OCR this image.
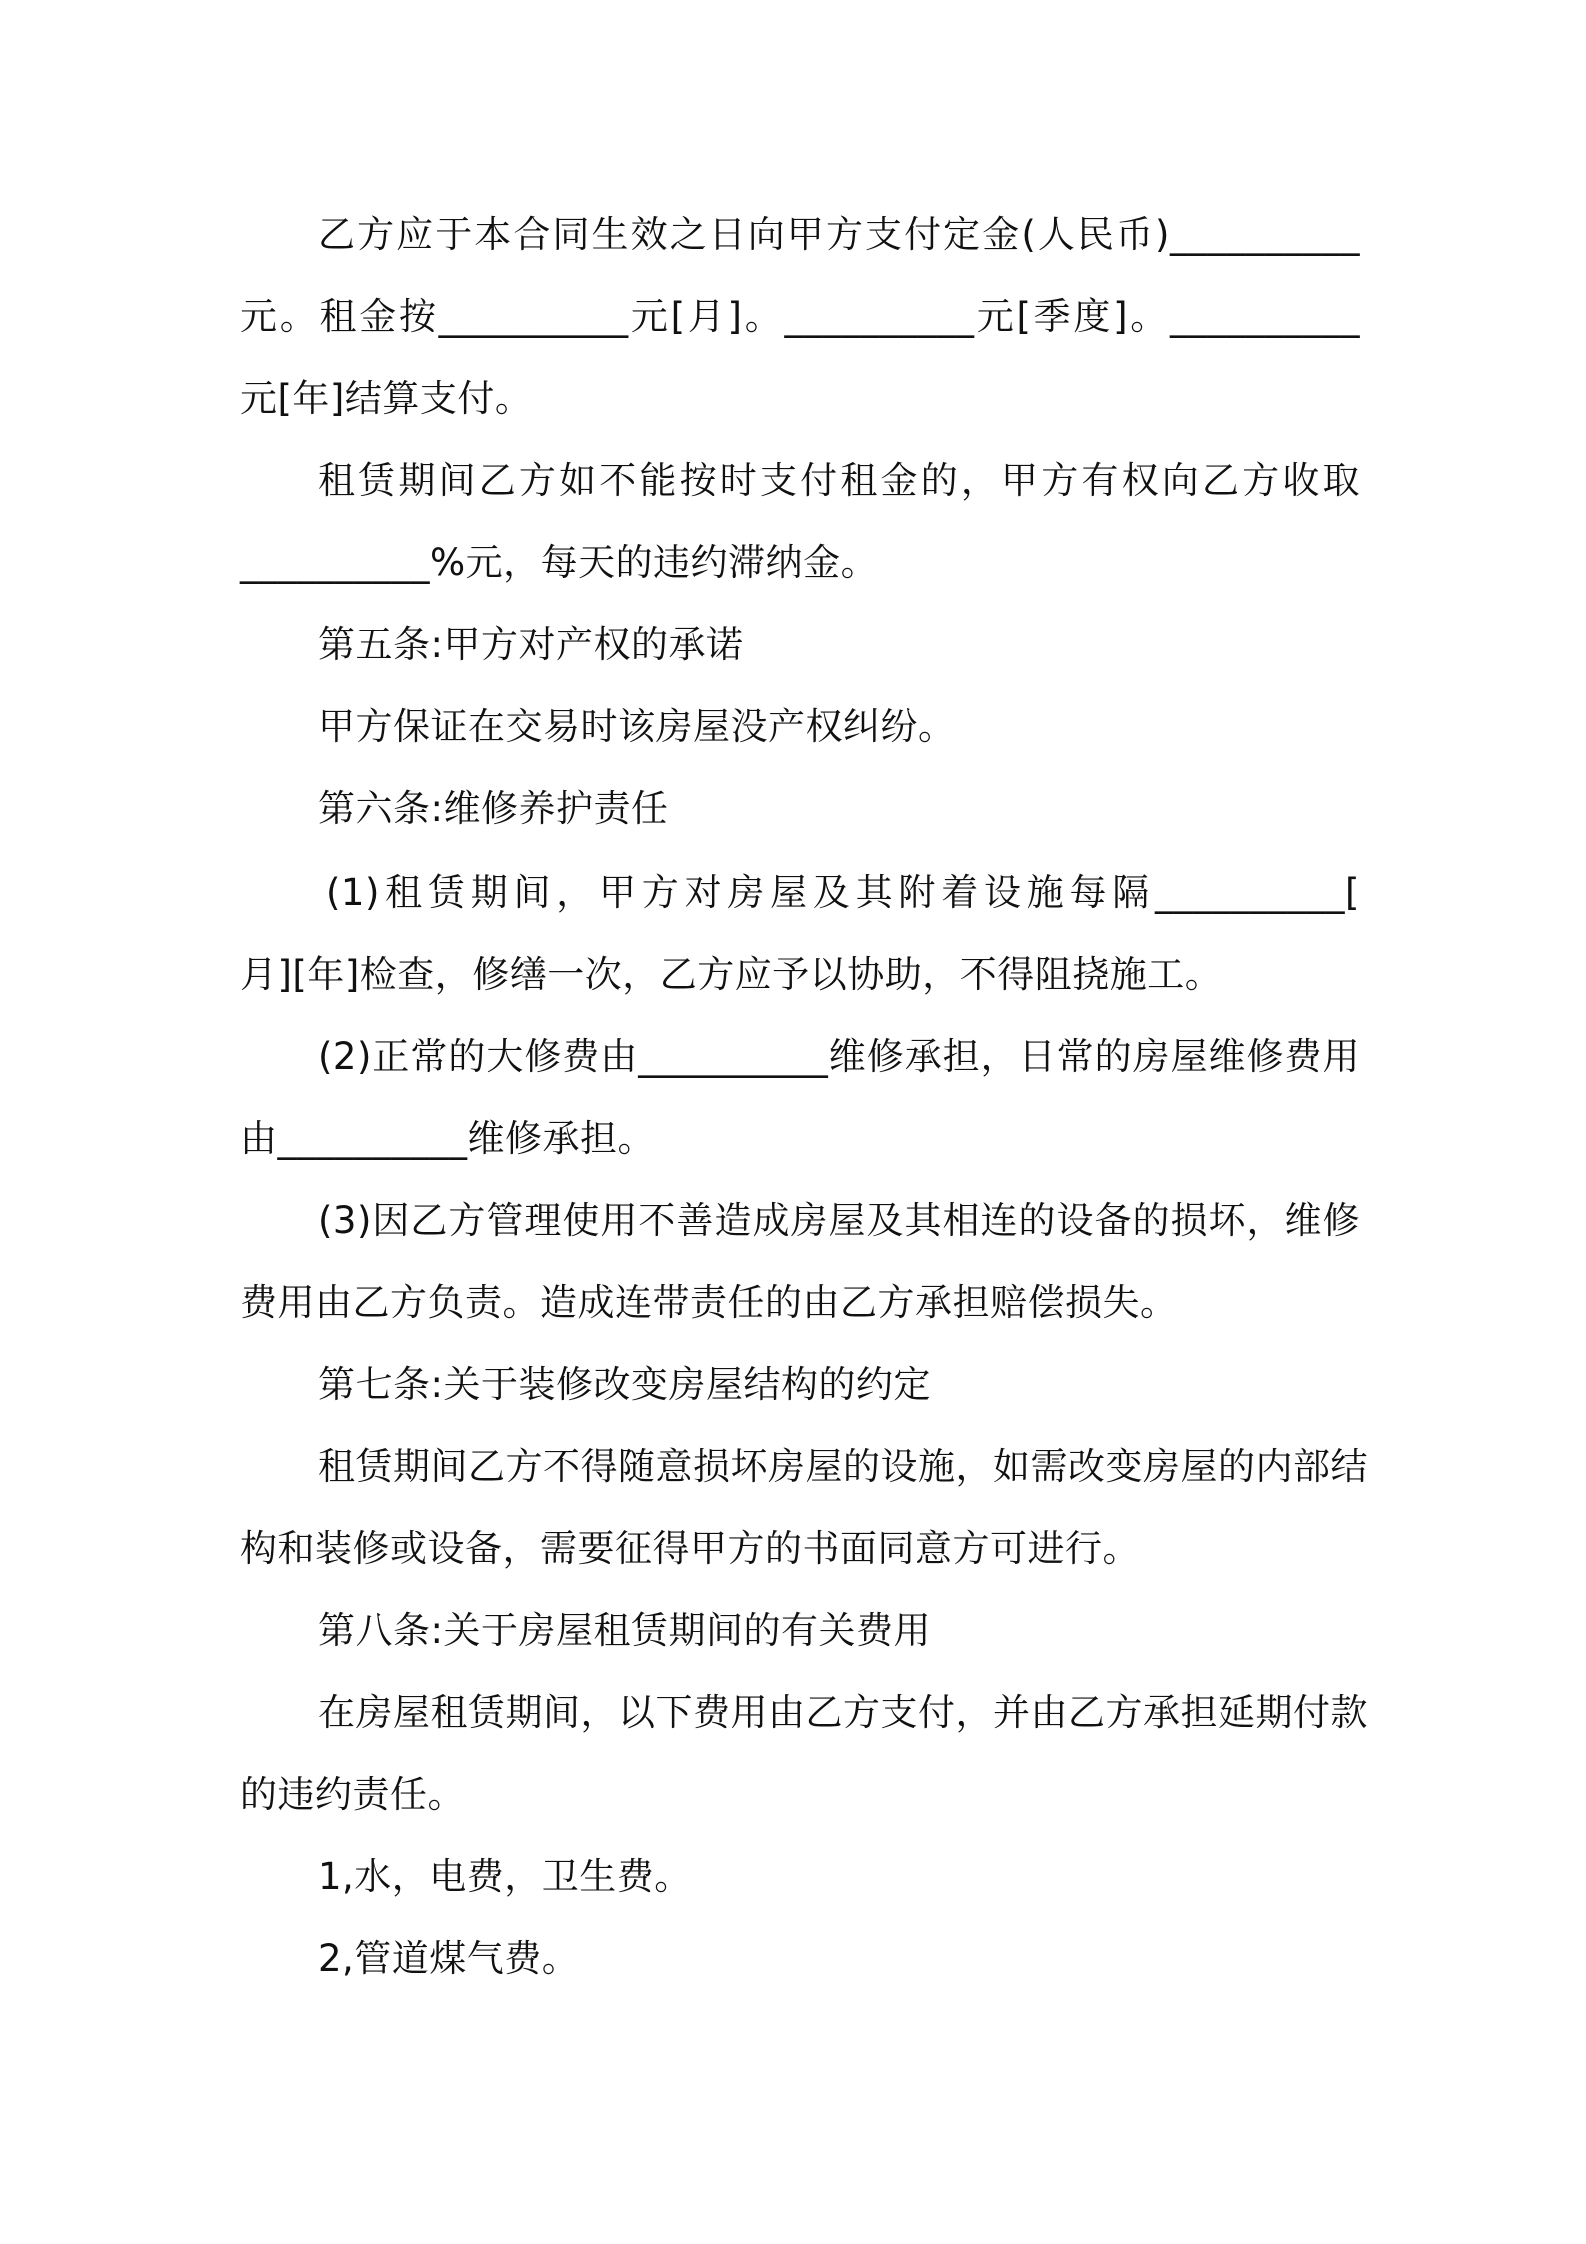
乙方应于本合同生效之日向甲方支付定金(人民币)__________
元。租金按__________元[月]。__________元[季度]。__________
元[年]结算支付。
租赁期间乙方如不能按时支付租金的，甲方有权向乙方收取
__________%元，每天的违约滞纳金。
第五条:甲方对产权的承诺
甲方保证在交易时该房屋没产权纠纷。
第六条:维修养护责任
(1)租赁期间，甲方对房屋及其附着设施每隔__________[
月][年]检查，修缮一次，乙方应予以协助，不得阻挠施工。
(2)正常的大修费由__________维修承担，日常的房屋维修费用
由__________维修承担。
(3)因乙方管理使用不善造成房屋及其相连的设备的损坏，维修
费用由乙方负责。造成连带责任的由乙方承担赔偿损失。
第七条:关于装修改变房屋结构的约定
租赁期间乙方不得随意损坏房屋的设施，如需改变房屋的内部结
构和装修或设备，需要征得甲方的书面同意方可进行。
第八条:关于房屋租赁期间的有关费用
在房屋租赁期间，以下费用由乙方支付，并由乙方承担延期付款
的违约责任。
1,水，电费，卫生费。
2,管道煤气费。
